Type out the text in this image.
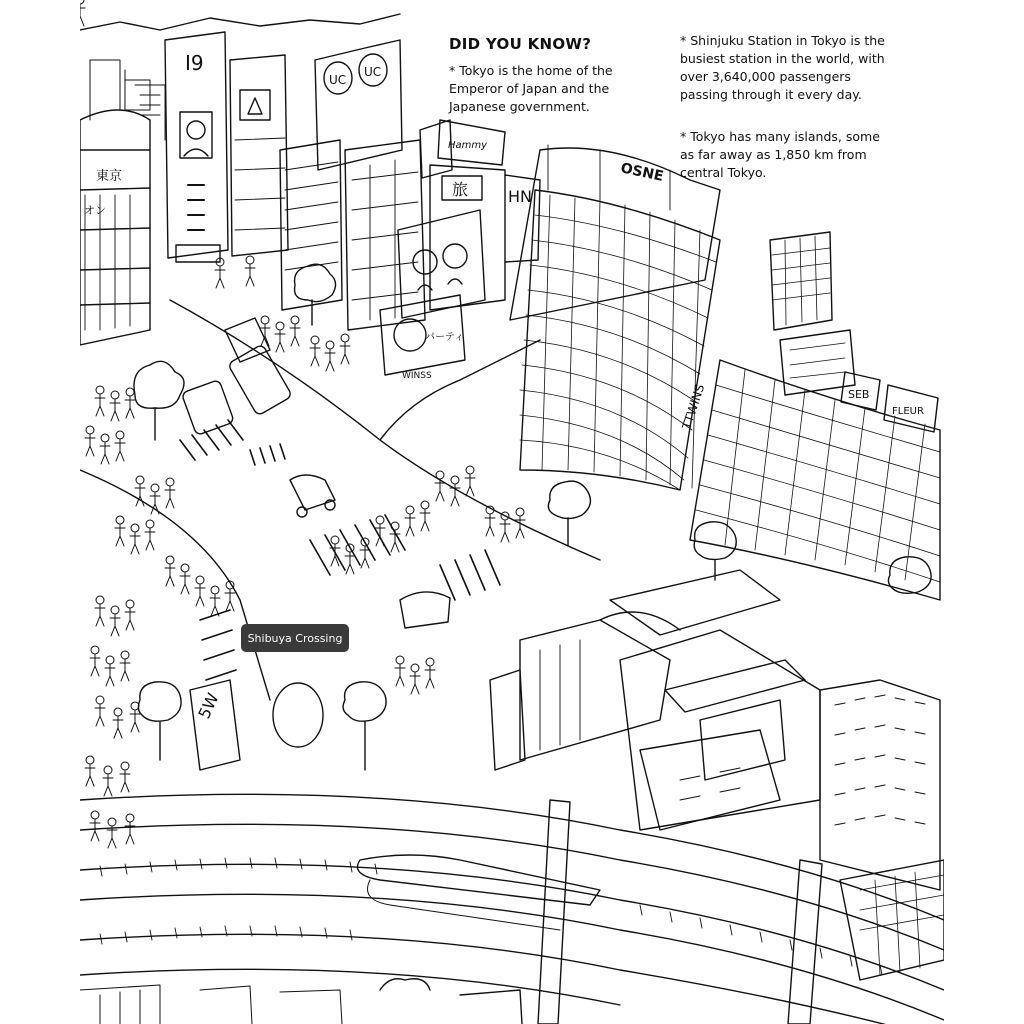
東京
オン
I9
UC
UC
Hammy
旅 HN
パーティ
WINSS
OSNE
TTWINS	SEB
FLEUR
5W
DID YOU KNOW?

* Tokyo is the home of the Emperor of Japan and the Japanese government.

* Shinjuku Station in Tokyo is the busiest station in the world, with over 3,640,000 passengers passing through it every day.

* Tokyo has many islands, some as far away as 1,850 km from central Tokyo.

Shibuya Crossing
